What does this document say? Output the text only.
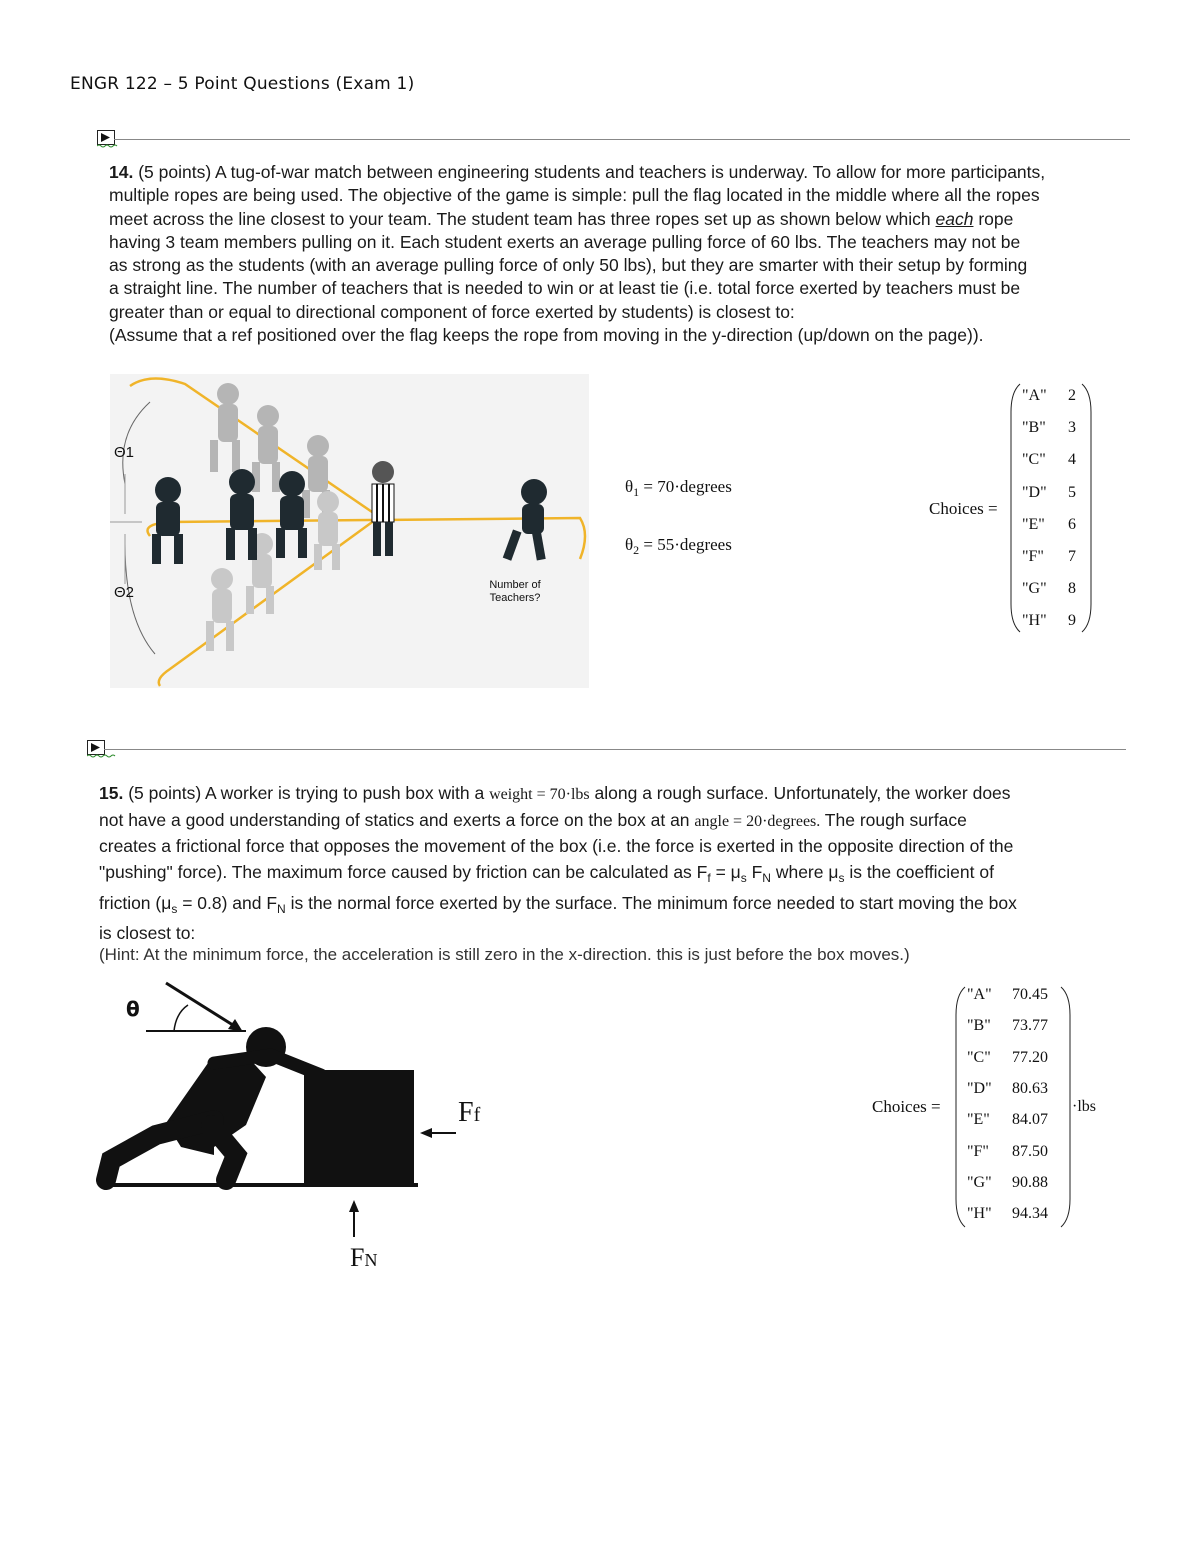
ENGR 122 – 5 Point Questions (Exam 1)
14. (5 points) A tug-of-war match between engineering students and teachers is underway. To allow for more participants,
multiple ropes are being used. The objective of the game is simple: pull the flag located in the middle where all the ropes
meet across the line closest to your team. The student team has three ropes set up as shown below which each rope
having 3 team members pulling on it. Each student exerts an average pulling force of 60 lbs. The teachers may not be
as strong as the students (with an average pulling force of only 50 lbs), but they are smarter with their setup by forming
a straight line. The number of teachers that is needed to win or at least tie (i.e. total force exerted by teachers must be
greater than or equal to directional component of force exerted by students) is closest to:
(Assume that a ref positioned over the flag keeps the rope from moving in the y-direction (up/down on the page)).
Θ1
Θ2	Number of
Teachers?
$\theta_1$ = 70·degrees
$\theta_2$ = 55·degrees
Choices =
"A" 2
"B" 3
"C" 4
"D" 5
"E" 6
"F" 7
"G" 8
"H" 9
15. (5 points) A worker is trying to push box with a weight = 70·lbs along a rough surface. Unfortunately, the worker does
not have a good understanding of statics and exerts a force on the box at an angle = 20·degrees. The rough surface
creates a frictional force that opposes the movement of the box (i.e. the force is exerted in the opposite direction of the
"pushing" force). The maximum force caused by friction can be calculated as $F_f = \mu_s$ $F_N$ where $\mu_s$ is the coefficient of
friction $(\mu_s = 0.8)$ and $F_N$ is the normal force exerted by the surface. The minimum force needed to start moving the box
is closest to:
(Hint: At the minimum force, the acceleration is still zero in the x-direction. this is just before the box moves.)
θ
Ff
FN
Choices =
"A" 70.45
"B" 73.77
"C" 77.20
"D" 80.63
"E" 84.07
"F" 87.50
"G" 90.88
"H" 94.34
·lbs
